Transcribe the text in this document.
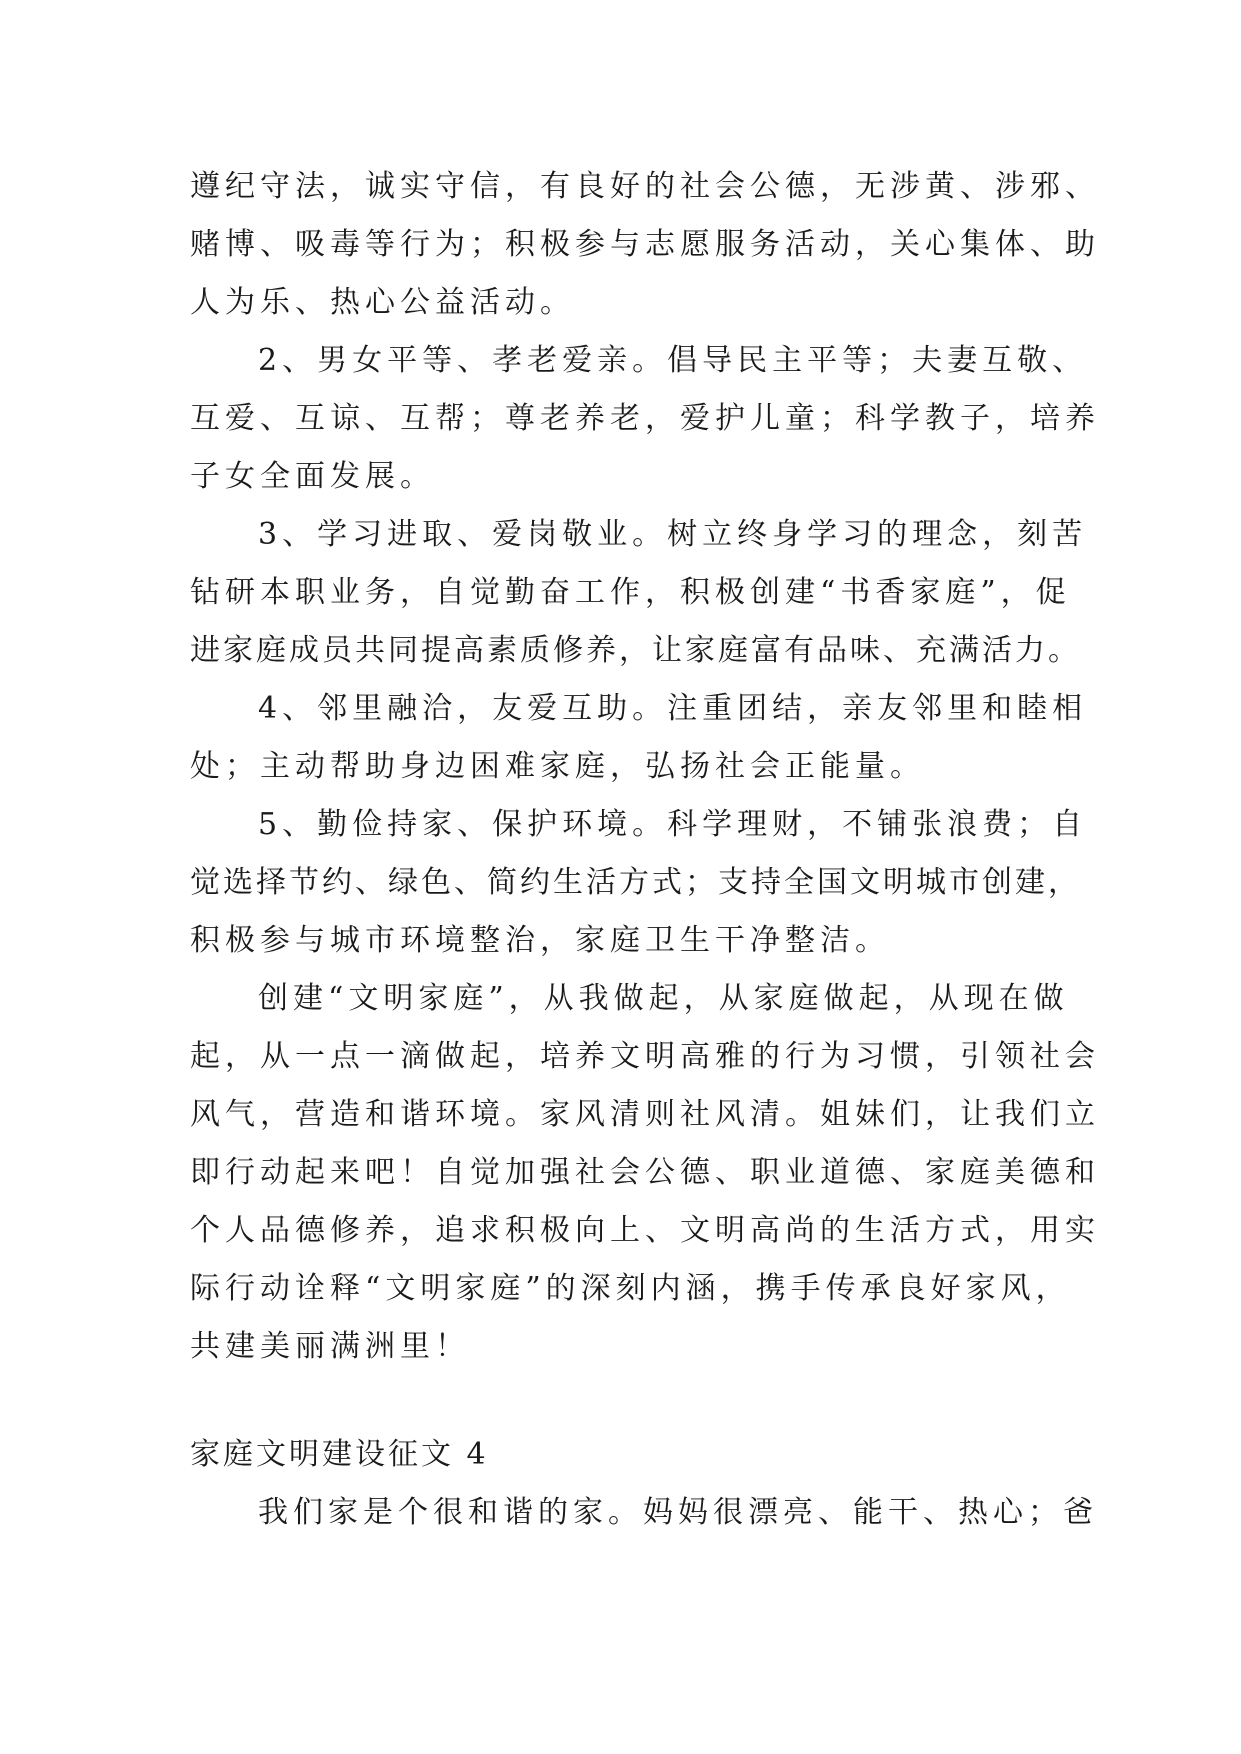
遵纪守法，诚实守信，有良好的社会公德，无涉黄、涉邪、
赌博、吸毒等行为；积极参与志愿服务活动，关心集体、助
人为乐、热心公益活动。
2、男女平等、孝老爱亲。倡导民主平等；夫妻互敬、
互爱、互谅、互帮；尊老养老，爱护儿童；科学教子，培养
子女全面发展。
3、学习进取、爱岗敬业。树立终身学习的理念，刻苦
钻研本职业务，自觉勤奋工作，积极创建“书香家庭”，促
进家庭成员共同提高素质修养，让家庭富有品味、充满活力。
4、邻里融洽，友爱互助。注重团结，亲友邻里和睦相
处；主动帮助身边困难家庭，弘扬社会正能量。
5、勤俭持家、保护环境。科学理财，不铺张浪费；自
觉选择节约、绿色、简约生活方式；支持全国文明城市创建，
积极参与城市环境整治，家庭卫生干净整洁。
创建“文明家庭”，从我做起，从家庭做起，从现在做
起，从一点一滴做起，培养文明高雅的行为习惯，引领社会
风气，营造和谐环境。家风清则社风清。姐妹们，让我们立
即行动起来吧！自觉加强社会公德、职业道德、家庭美德和
个人品德修养，追求积极向上、文明高尚的生活方式，用实
际行动诠释“文明家庭”的深刻内涵，携手传承良好家风，
共建美丽满洲里！
家庭文明建设征文 4
我们家是个很和谐的家。妈妈很漂亮、能干、热心；爸
